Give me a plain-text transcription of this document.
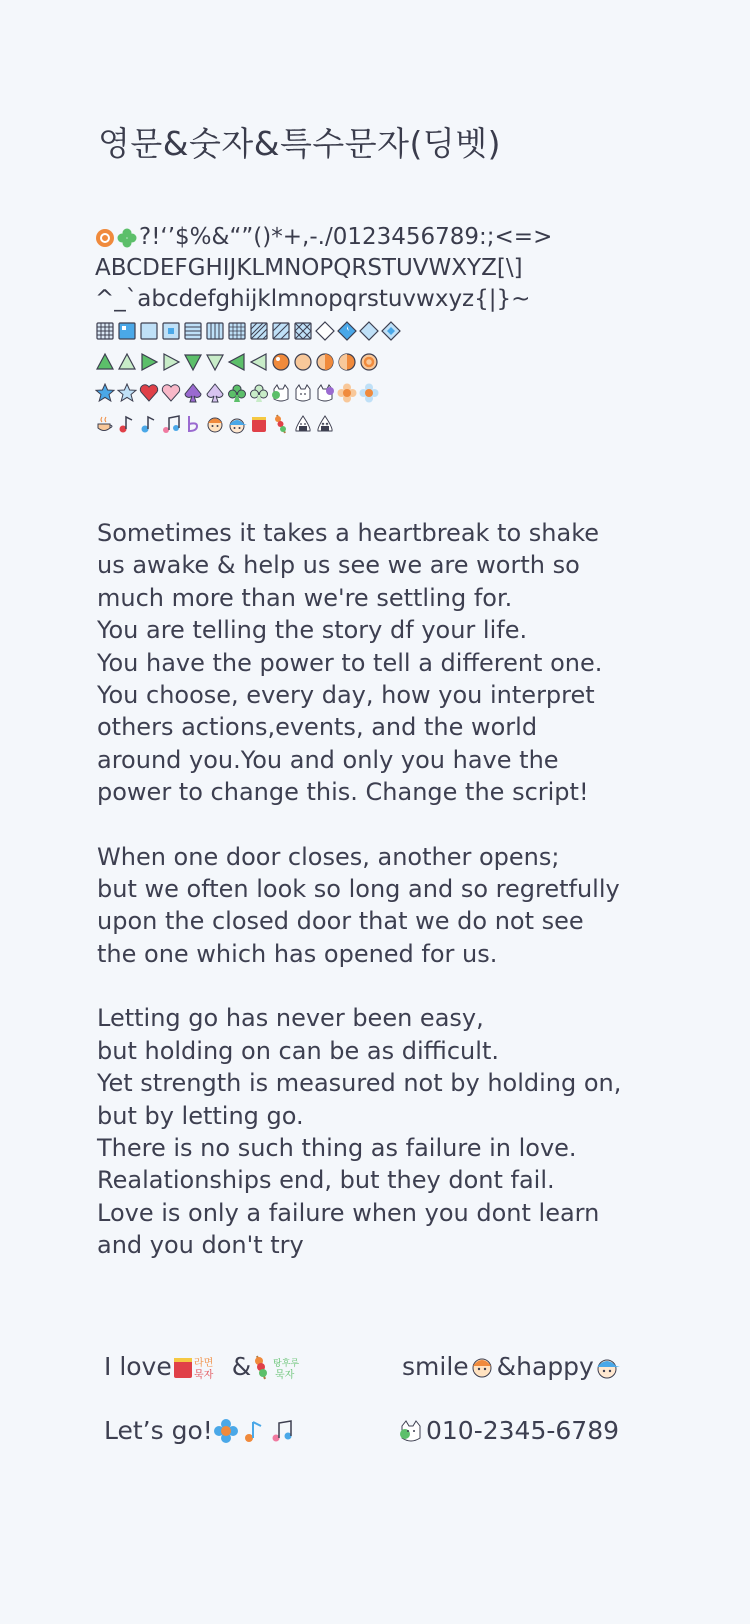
영문&숫자&특수문자(딩벳)
?!‘’$%&“”()*+,-./0123456789:;<=>
ABCDEFGHIJKLMNOPQRSTUVWXYZ[\]
^_`abcdefghijklmnopqrstuvwxyz{|}~

Sometimes it takes a heartbreak to shake

us awake & help us see we are worth so

much more than we're settling for.

You are telling the story df your life.

You have the power to tell a different one.

You choose, every day, how you interpret

others actions,events, and the world

around you.You and only you have the

power to change this. Change the script!

When one door closes, another opens;

but we often look so long and so regretfully

upon the closed door that we do not see

the one which has opened for us.

Letting go has never been easy,

but holding on can be as difficult.

Yet strength is measured not by holding on,

but by letting go.

There is no such thing as failure in love.

Realationships end, but they dont fail.

Love is only a failure when you dont learn

and you don't try

I love 라면
묵자 & 탕후루
묵자	smile &happy
Let’s go!	010-2345-6789
